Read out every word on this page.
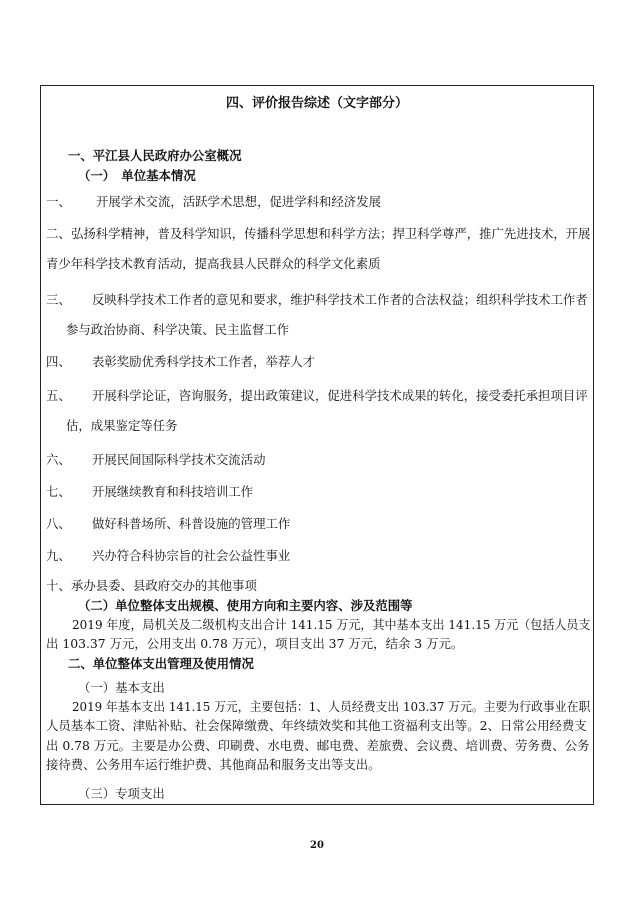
四、评价报告综述（文字部分）
一、平江县人民政府办公室概况
（一）　单位基本情况
一、 开展学术交流，活跃学术思想，促进学科和经济发展
二、 弘扬科学精神，普及科学知识，传播科学思想和科学方法；捍卫科学尊严，推广先进技术，开展
青少年科学技术教育活动，提高我县人民群众的科学文化素质
三、 反映科学技术工作者的意见和要求，维护科学技术工作者的合法权益；组织科学技术工作者
参与政治协商、科学决策、民主监督工作
四、 表彰奖励优秀科学技术工作者，举荐人才
五、 开展科学论证，咨询服务，提出政策建议，促进科学技术成果的转化，接受委托承担项目评
估，成果鉴定等任务
六、 开展民间国际科学技术交流活动
七、 开展继续教育和科技培训工作
八、 做好科普场所、科普设施的管理工作
九、 兴办符合科协宗旨的社会公益性事业
十、 承办县委、县政府交办的其他事项
（二）单位整体支出规模、使用方向和主要内容、涉及范围等
2019 年度，局机关及二级机构支出合计 141.15 万元，其中基本支出 141.15 万元（包括人员支
出 103.37 万元，公用支出 0.78 万元），项目支出 37 万元，结余 3 万元。
二、单位整体支出管理及使用情况
（一）基本支出
2019 年基本支出 141.15 万元，主要包括：1、人员经费支出 103.37 万元。主要为行政事业在职
人员基本工资、津贴补贴、社会保障缴费、年终绩效奖和其他工资福利支出等。2、日常公用经费支
出 0.78 万元。主要是办公费、印刷费、水电费、邮电费、差旅费、会议费、培训费、劳务费、公务
接待费、公务用车运行维护费、其他商品和服务支出等支出。
（三）专项支出
20
